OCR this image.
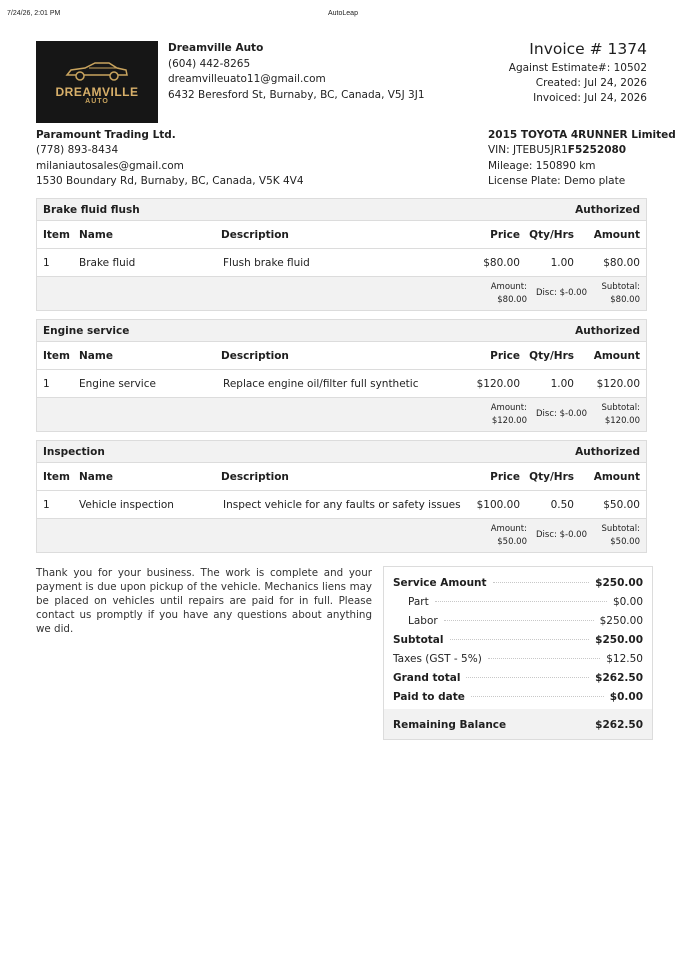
7/24/26, 2:01 PM	AutoLeap
DREAMVILLE
AUTO
Dreamville Auto
(604) 442-8265
dreamvilleuato11@gmail.com
6432 Beresford St, Burnaby, BC, Canada, V5J 3J1
Invoice # 1374
Against Estimate#: 10502
Created: Jul 24, 2026
Invoiced: Jul 24, 2026
Paramount Trading Ltd.
(778) 893-8434
milaniautosales@gmail.com
1530 Boundary Rd, Burnaby, BC, Canada, V5K 4V4
2015 TOYOTA 4RUNNER Limited
VIN: JTEBU5JR1F5252080
Mileage: 150890 km
License Plate: Demo plate
Brake fluid flush	Authorized
Item Name	Description	Price Qty/Hrs Amount
1	Brake fluid	Flush brake fluid	$80.00	1.00	$80.00
Amount:
$80.00
Disc: $-0.00
Subtotal:
$80.00
Engine service	Authorized
Item Name	Description	Price Qty/Hrs Amount
1	Engine service	Replace engine oil/filter full synthetic	$120.00	1.00 $120.00
Amount:
$120.00
Disc: $-0.00
Subtotal:
$120.00
Inspection	Authorized
Item Name	Description	Price Qty/Hrs Amount
1	Vehicle inspection	Inspect vehicle for any faults or safety issues $100.00	0.50	$50.00
Amount:
$50.00
Disc: $-0.00
Subtotal:
$50.00
Thank you for your business. The work is complete and your payment is due upon pickup of the vehicle. Mechanics liens may be placed on vehicles until repairs are paid for in full. Please contact us promptly if you have any questions about anything we did.
Service Amount	$250.00
Part	$0.00
Labor	$250.00
Subtotal	$250.00
Taxes (GST - 5%)	$12.50
Grand total	$262.50
Paid to date	$0.00
Remaining Balance	$262.50
